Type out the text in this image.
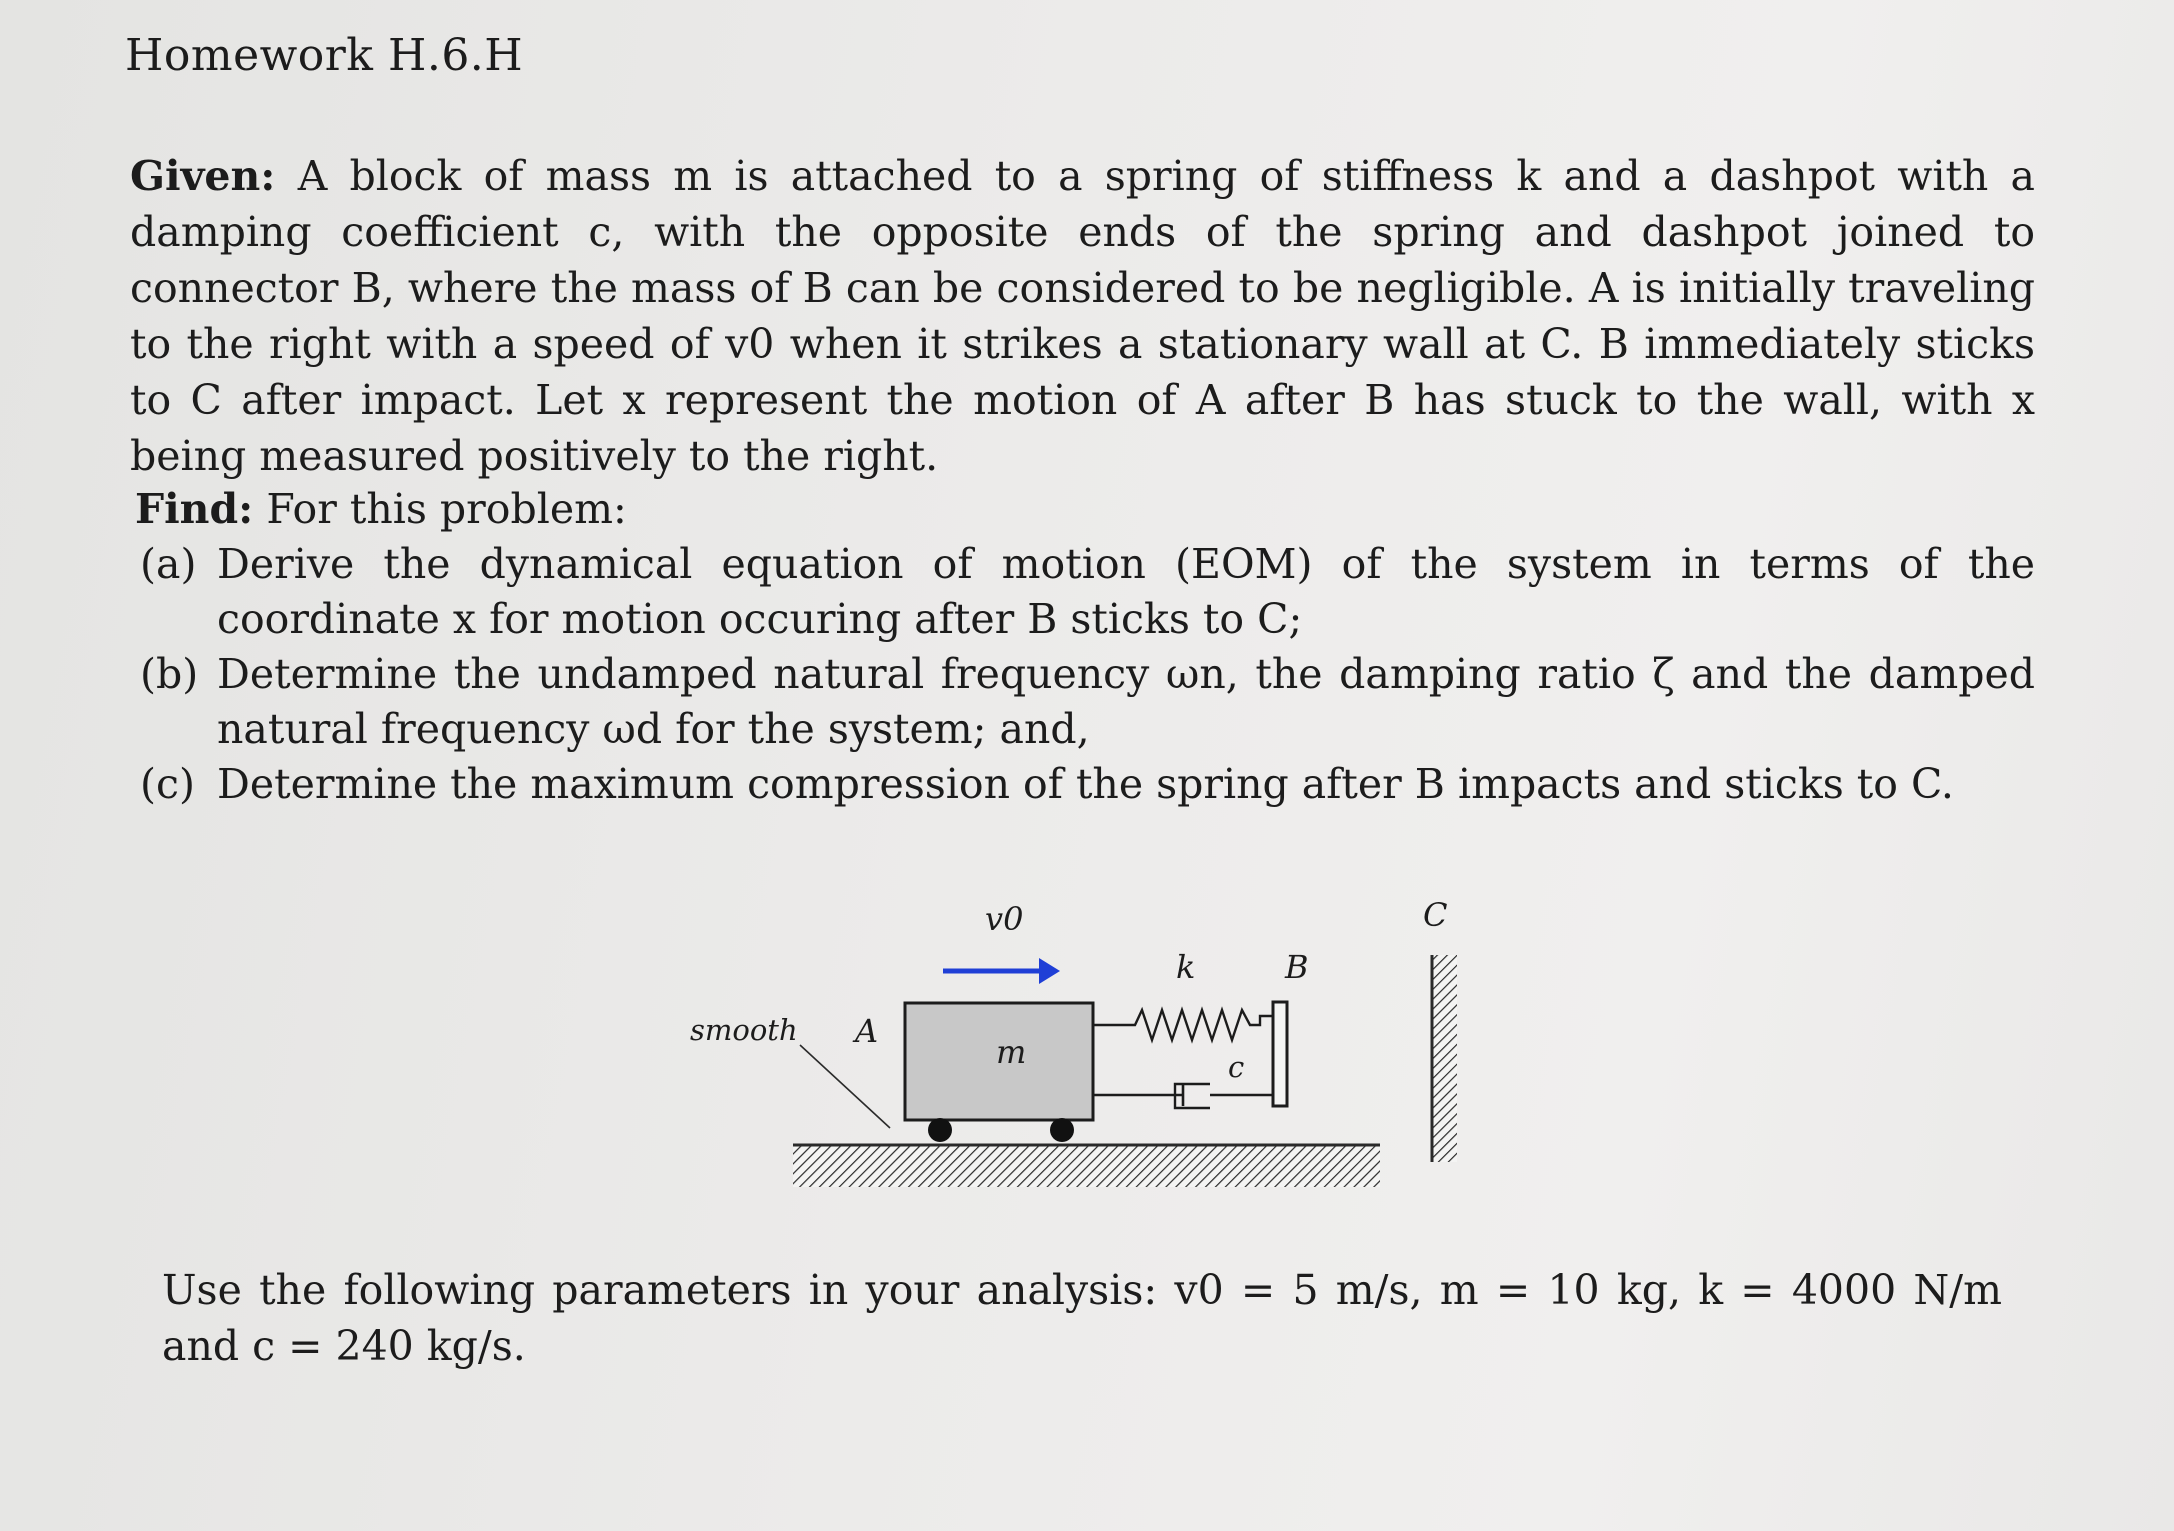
Homework H.6.H
Given: A block of mass m is attached to a spring of stiffness k and a dashpot with a damping coefficient c, with the opposite ends of the spring and dashpot joined to connector B, where the mass of B can be considered to be negligible. A is initially traveling to the right with a speed of v0 when it strikes a stationary wall at C. B immediately sticks to C after impact. Let x represent the motion of A after B has stuck to the wall, with x being measured positively to the right.
Find: For this problem:
(a) Derive the dynamical equation of motion (EOM) of the system in terms of the coordinate x for motion occuring after B sticks to C;
(b) Determine the undamped natural frequency ωn, the damping ratio ζ and the damped natural frequency ωd for the system; and,
(c) Determine the maximum compression of the spring after B impacts and sticks to C.
smooth A
v0
m
k	B
c
C
Use the following parameters in your analysis: v0 = 5 m/s, m = 10 kg, k = 4000 N/m and c = 240 kg/s.
